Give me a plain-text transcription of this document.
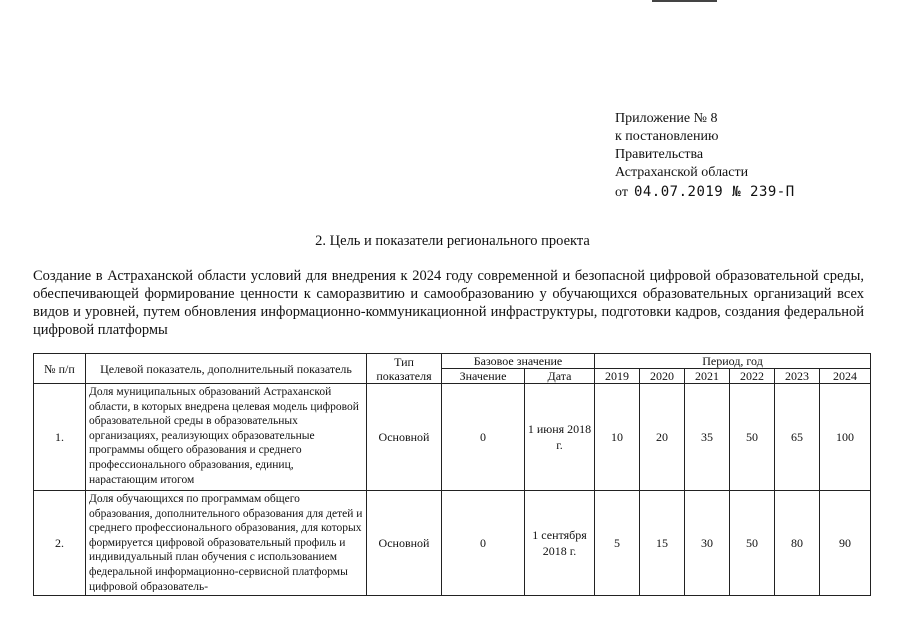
Приложение № 8
к постановлению
Правительства
Астраханской области
от 04.07.2019 № 239-П
2. Цель и показатели регионального проекта
Создание в Астраханской области условий для внедрения к 2024 году современной и безопасной цифровой образовательной среды, обеспечивающей формирование ценности к саморазвитию и самообразованию у обучающихся образовательных организаций всех видов и уровней, путем обновления информационно-коммуникационной инфраструктуры, подготовки кадров, создания федеральной цифровой платформы
№ п/п	Целевой показатель, дополнительный показатель	Тип показателя	Базовое значение		Период, год					
			Значение	Дата	2019	2020	2021	2022	2023	2024
1.	Доля муниципальных образований Астраханской области, в которых внедрена целевая модель цифровой образовательной среды в образовательных организациях, реализующих образовательные программы общего образования и среднего профессионального образования, единиц, нарастающим итогом	Основной	0	1 июня 2018 г.	10	20	35	50	65	100
2.	Доля обучающихся по программам общего образования, дополнительного образования для детей и среднего профессионального образования, для которых формируется цифровой образовательный профиль и индивидуальный план обучения с использованием федеральной информационно-сервисной платформы цифровой образователь-	Основной	0	1 сентября 2018 г.	5	15	30	50	80	90
